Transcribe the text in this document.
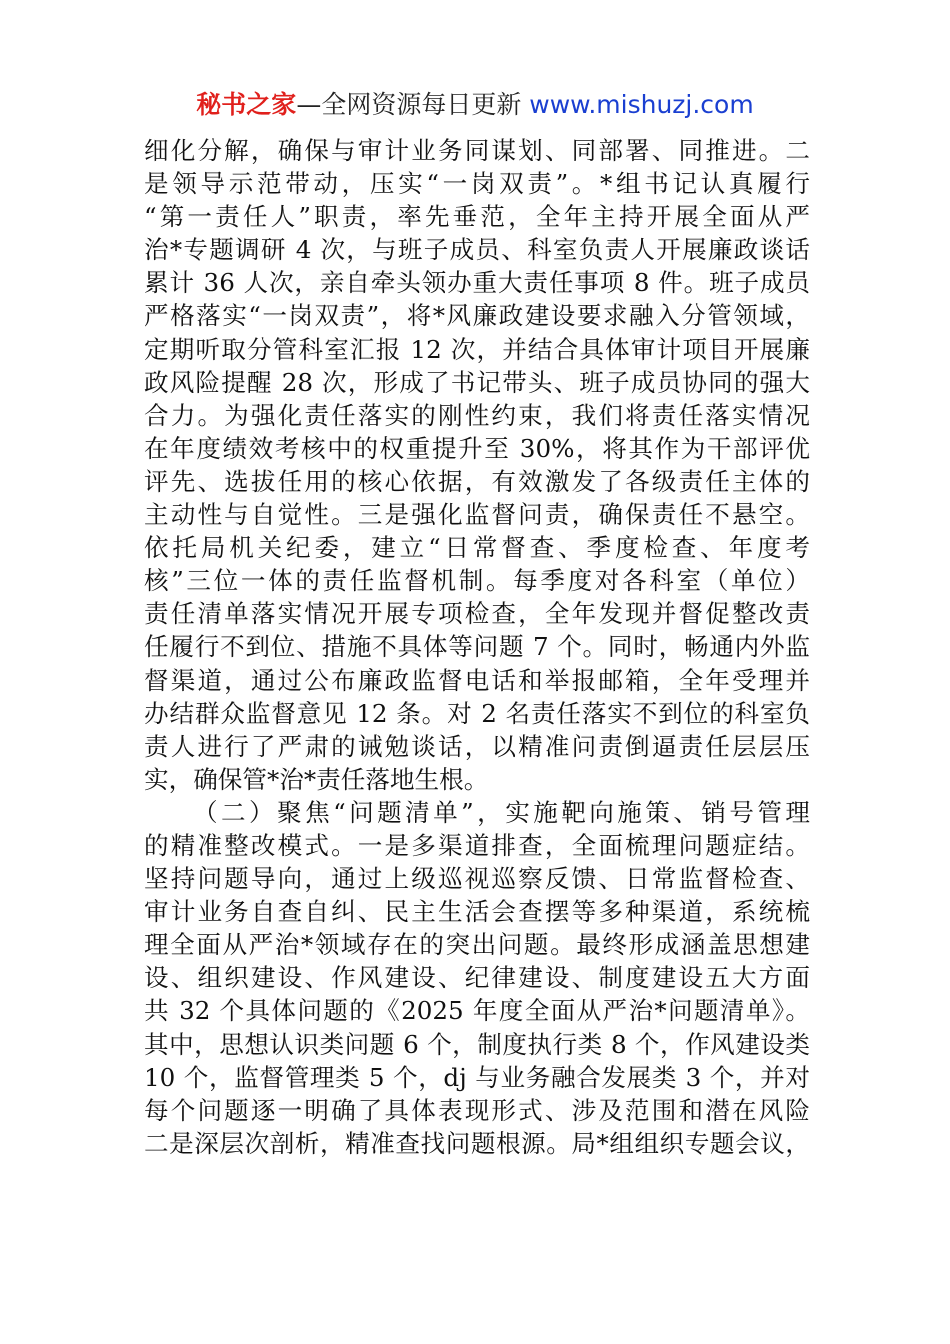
秘书之家—全网资源每日更新 www.mishuzj.com
细化分解，确保与审计业务同谋划、同部署、同推进。二
是领导示范带动，压实“一岗双责”。*组书记认真履行
“第一责任人”职责，率先垂范，全年主持开展全面从严
治*专题调研 4 次，与班子成员、科室负责人开展廉政谈话
累计 36 人次，亲自牵头领办重大责任事项 8 件。班子成员
严格落实“一岗双责”，将*风廉政建设要求融入分管领域，
定期听取分管科室汇报 12 次，并结合具体审计项目开展廉
政风险提醒 28 次，形成了书记带头、班子成员协同的强大
合力。为强化责任落实的刚性约束，我们将责任落实情况
在年度绩效考核中的权重提升至 30%，将其作为干部评优
评先、选拔任用的核心依据，有效激发了各级责任主体的
主动性与自觉性。三是强化监督问责，确保责任不悬空。
依托局机关纪委，建立“日常督查、季度检查、年度考
核”三位一体的责任监督机制。每季度对各科室（单位）
责任清单落实情况开展专项检查，全年发现并督促整改责
任履行不到位、措施不具体等问题 7 个。同时，畅通内外监
督渠道，通过公布廉政监督电话和举报邮箱，全年受理并
办结群众监督意见 12 条。对 2 名责任落实不到位的科室负
责人进行了严肃的诫勉谈话，以精准问责倒逼责任层层压
实，确保管*治*责任落地生根。
（二）聚焦“问题清单”，实施靶向施策、销号管理
的精准整改模式。一是多渠道排查，全面梳理问题症结。
坚持问题导向，通过上级巡视巡察反馈、日常监督检查、
审计业务自查自纠、民主生活会查摆等多种渠道，系统梳
理全面从严治*领域存在的突出问题。最终形成涵盖思想建
设、组织建设、作风建设、纪律建设、制度建设五大方面
共 32 个具体问题的《2025 年度全面从严治*问题清单》。
其中，思想认识类问题 6 个，制度执行类 8 个，作风建设类
10 个，监督管理类 5 个，dj 与业务融合发展类 3 个，并对
每个问题逐一明确了具体表现形式、涉及范围和潜在风险
二是深层次剖析，精准查找问题根源。局*组组织专题会议，
